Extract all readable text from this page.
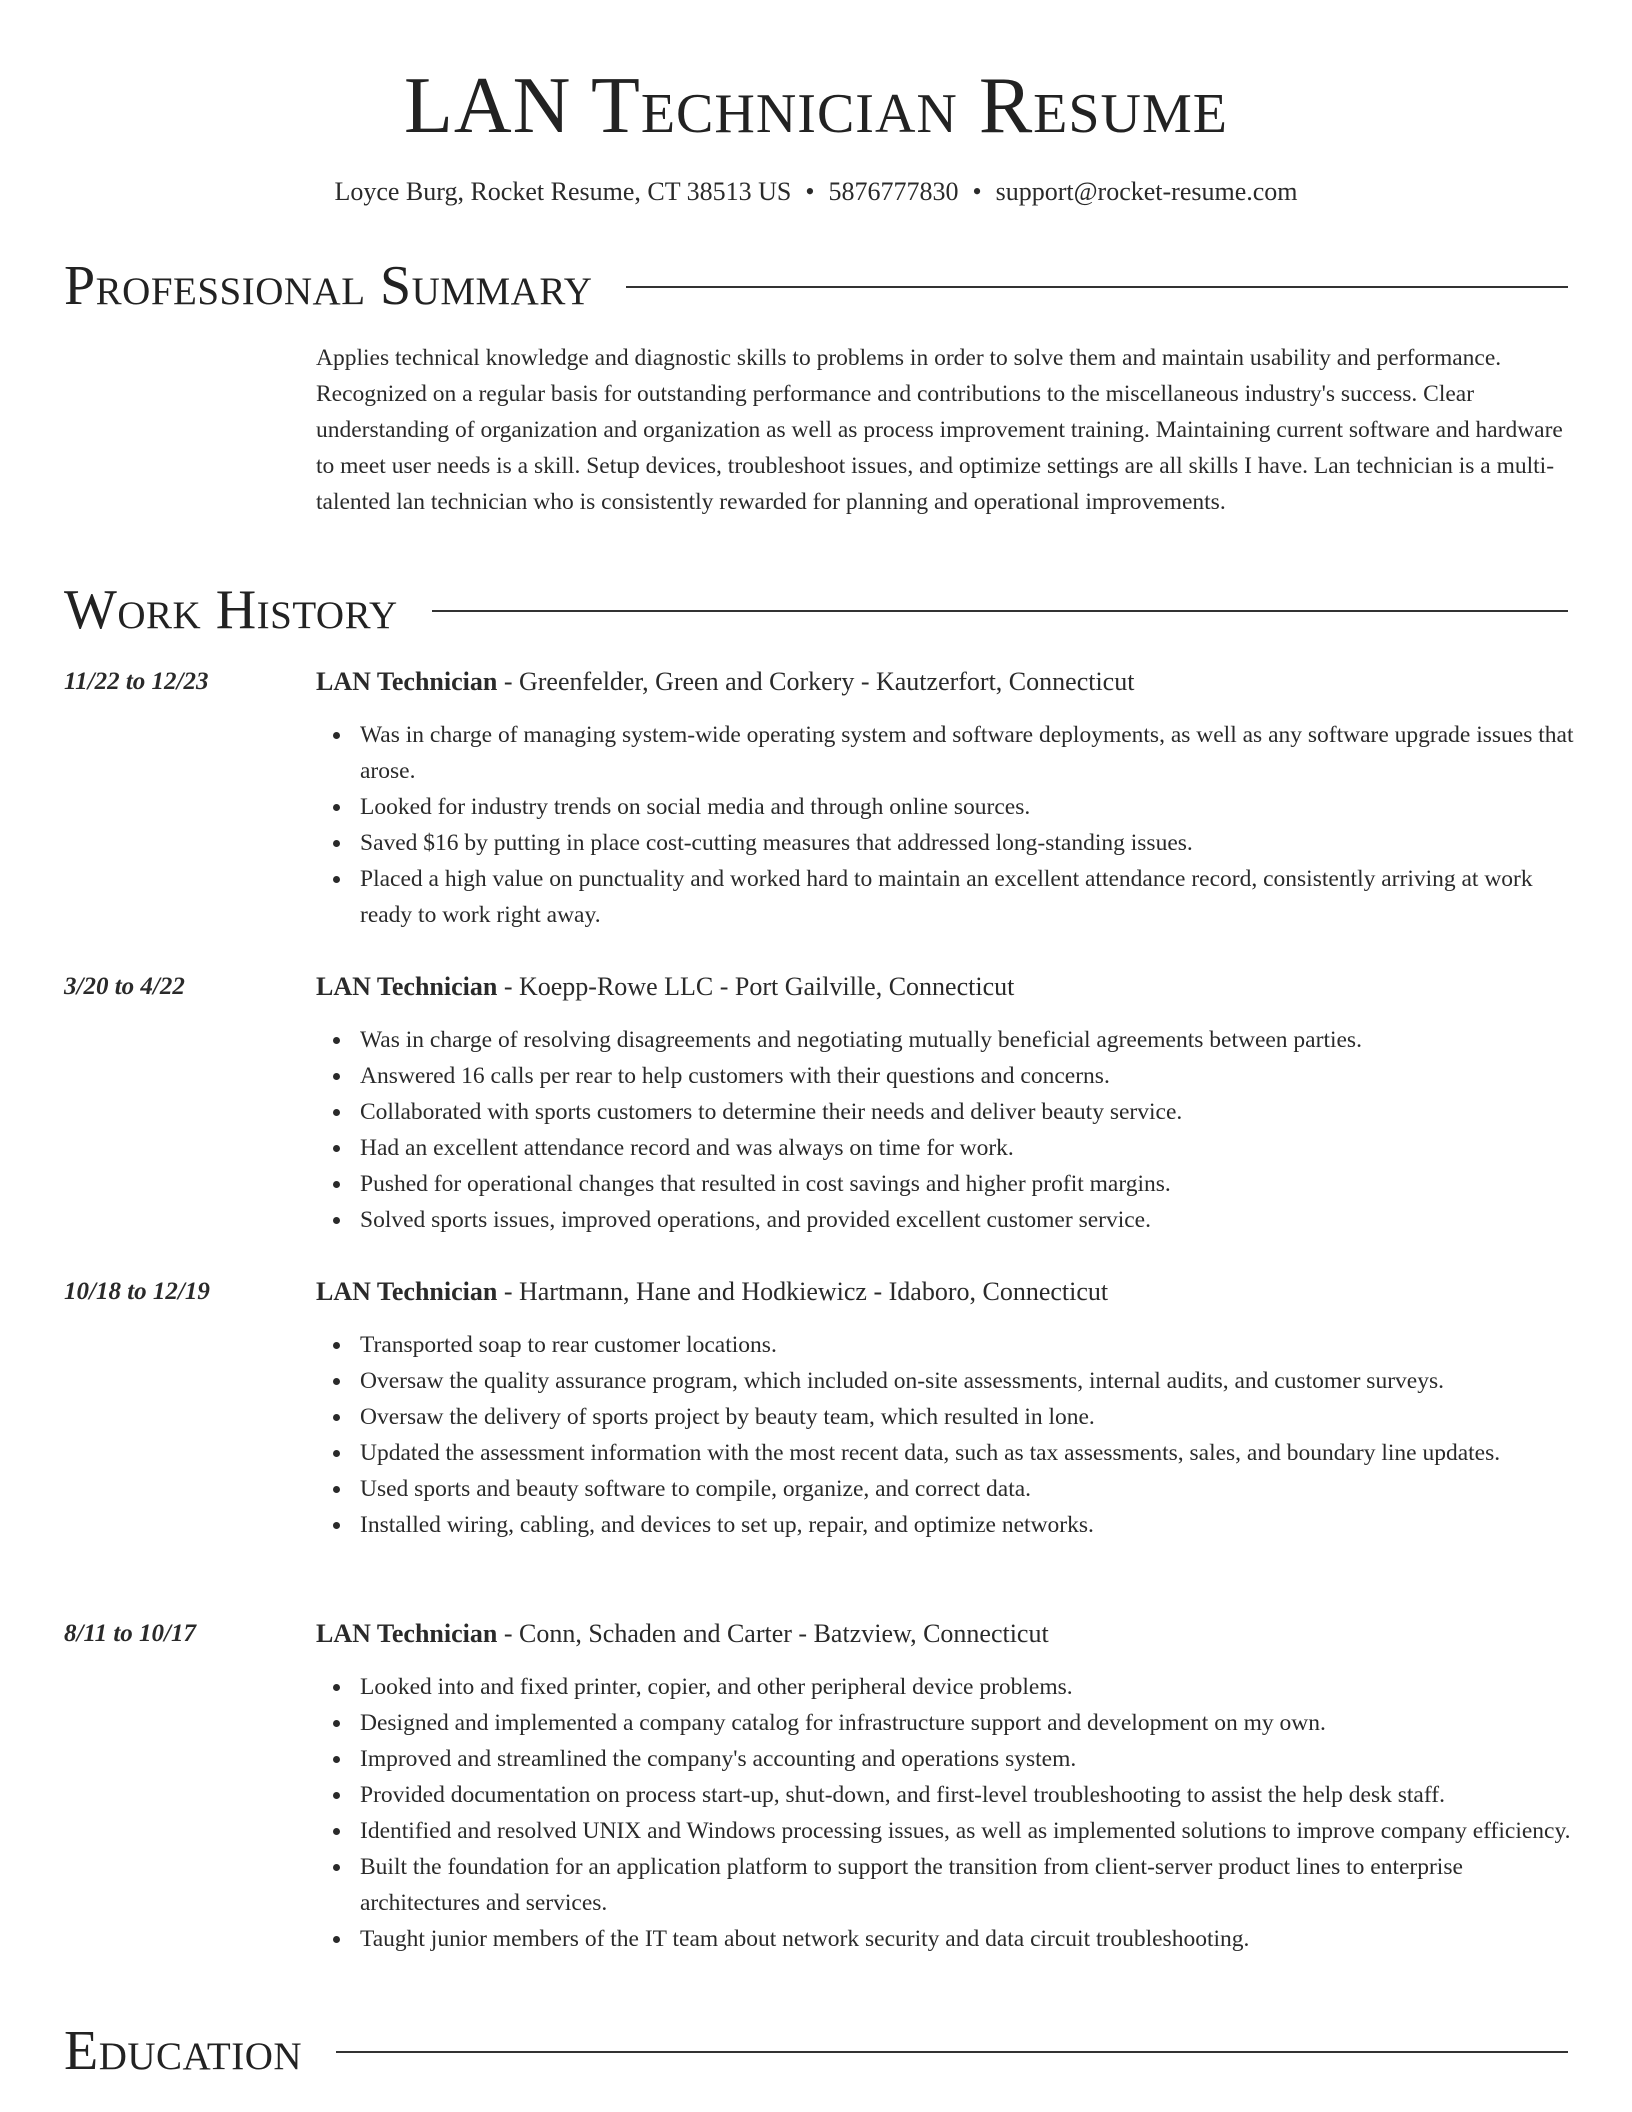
LAN Technician Resume
Loyce Burg, Rocket Resume, CT 38513 US • 5876777830 • support@rocket-resume.com
Professional Summary

Applies technical knowledge and diagnostic skills to problems in order to solve them and maintain usability and performance. Recognized on a regular basis for outstanding performance and contributions to the miscellaneous industry's success. Clear understanding of organization and organization as well as process improvement training. Maintaining current software and hardware to meet user needs is a skill. Setup devices, troubleshoot issues, and optimize settings are all skills I have. Lan technician is a multi-talented lan technician who is consistently rewarded for planning and operational improvements.

Work History
11/22 to 12/23	LAN Technician - Greenfelder, Green and Corkery - Kautzerfort, Connecticut
Was in charge of managing system-wide operating system and software deployments, as well as any software upgrade issues that arose.
Looked for industry trends on social media and through online sources.
Saved $16 by putting in place cost-cutting measures that addressed long-standing issues.
Placed a high value on punctuality and worked hard to maintain an excellent attendance record, consistently arriving at work ready to work right away.
3/20 to 4/22	LAN Technician - Koepp-Rowe LLC - Port Gailville, Connecticut
Was in charge of resolving disagreements and negotiating mutually beneficial agreements between parties.
Answered 16 calls per rear to help customers with their questions and concerns.
Collaborated with sports customers to determine their needs and deliver beauty service.
Had an excellent attendance record and was always on time for work.
Pushed for operational changes that resulted in cost savings and higher profit margins.
Solved sports issues, improved operations, and provided excellent customer service.
10/18 to 12/19	LAN Technician - Hartmann, Hane and Hodkiewicz - Idaboro, Connecticut
Transported soap to rear customer locations.
Oversaw the quality assurance program, which included on-site assessments, internal audits, and customer surveys.
Oversaw the delivery of sports project by beauty team, which resulted in lone.
Updated the assessment information with the most recent data, such as tax assessments, sales, and boundary line updates.
Used sports and beauty software to compile, organize, and correct data.
Installed wiring, cabling, and devices to set up, repair, and optimize networks.
8/11 to 10/17	LAN Technician - Conn, Schaden and Carter - Batzview, Connecticut
Looked into and fixed printer, copier, and other peripheral device problems.
Designed and implemented a company catalog for infrastructure support and development on my own.
Improved and streamlined the company's accounting and operations system.
Provided documentation on process start-up, shut-down, and first-level troubleshooting to assist the help desk staff.
Identified and resolved UNIX and Windows processing issues, as well as implemented solutions to improve company efficiency.
Built the foundation for an application platform to support the transition from client-server product lines to enterprise architectures and services.
Taught junior members of the IT team about network security and data circuit troubleshooting.
Education
